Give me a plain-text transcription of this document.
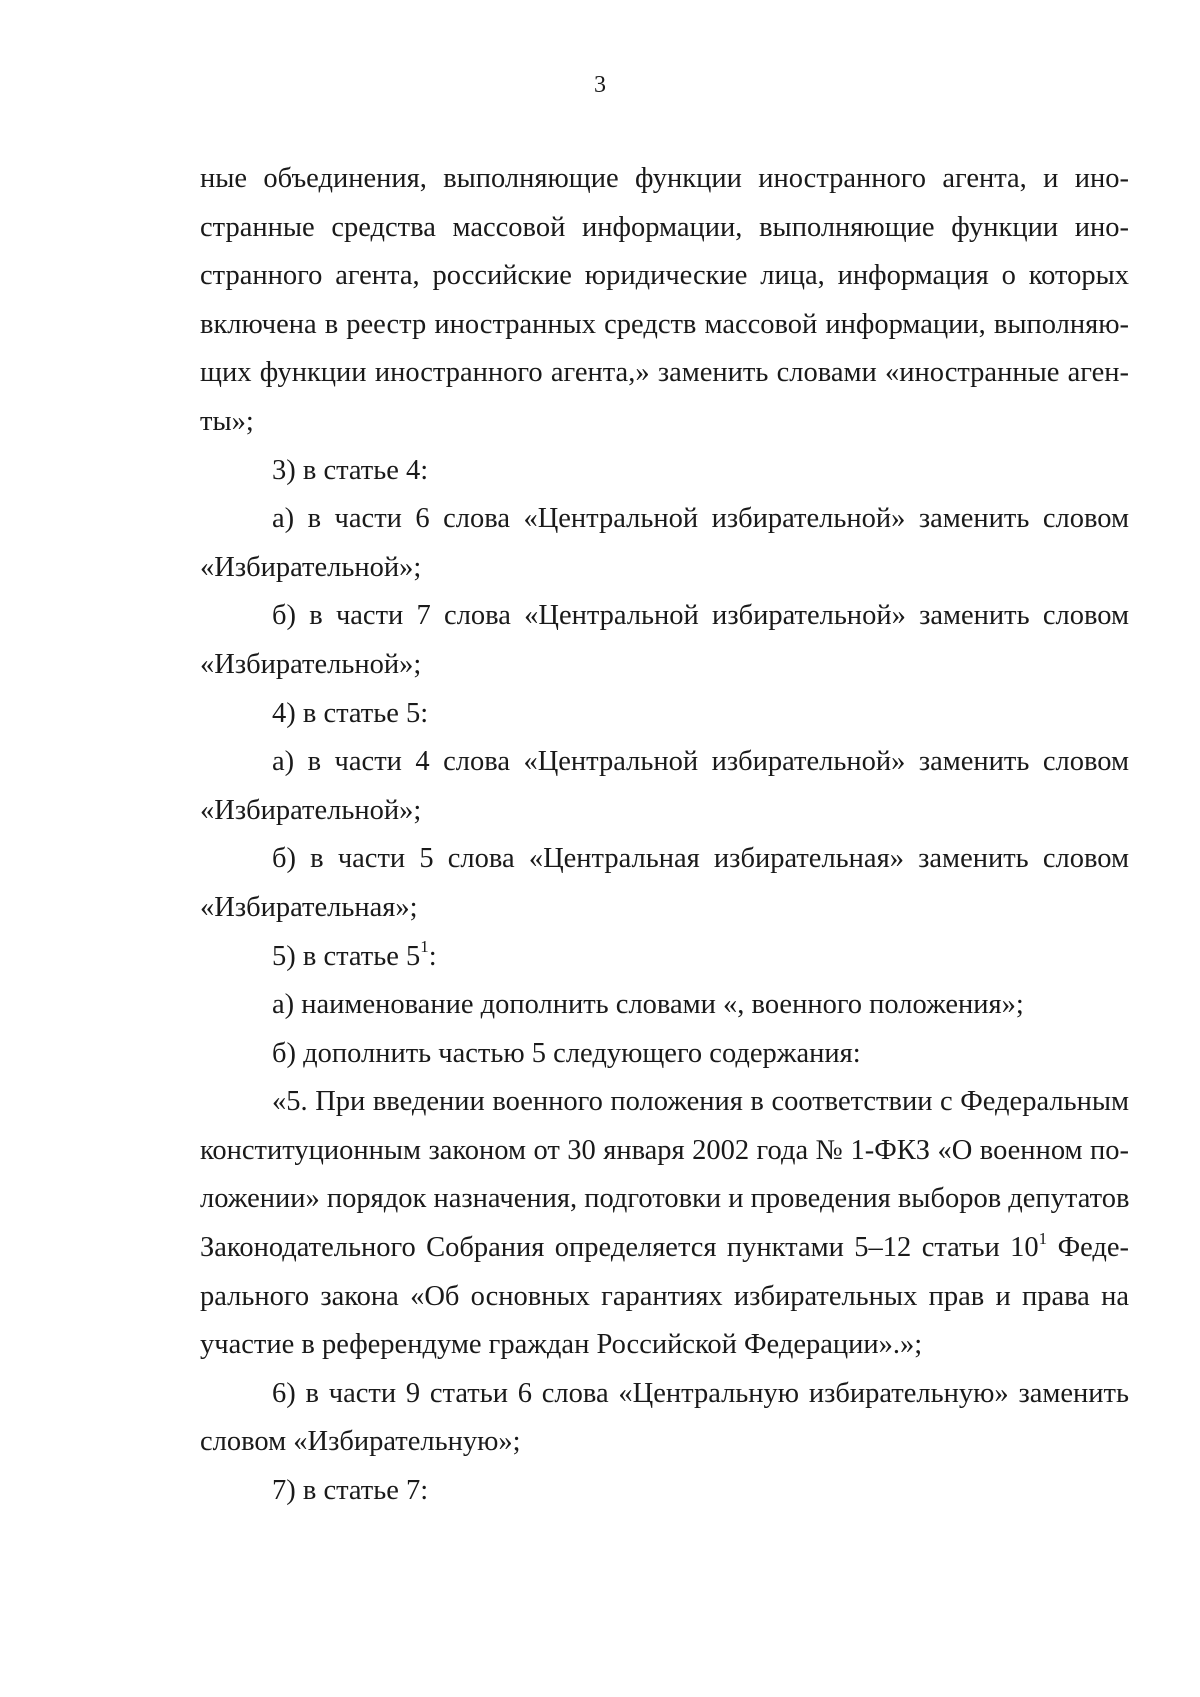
3
ные объединения, выполняющие функции иностранного агента, и ино-
странные средства массовой информации, выполняющие функции ино-
странного агента, российские юридические лица, информация о которых
включена в реестр иностранных средств массовой информации, выполняю-
щих функции иностранного агента,» заменить словами «иностранные аген-
ты»;
3) в статье 4:
а) в части 6 слова «Центральной избирательной» заменить словом
«Избирательной»;
б) в части 7 слова «Центральной избирательной» заменить словом
«Избирательной»;
4) в статье 5:
а) в части 4 слова «Центральной избирательной» заменить словом
«Избирательной»;
б) в части 5 слова «Центральная избирательная» заменить словом
«Избирательная»;
5) в статье $5^1$:
а) наименование дополнить словами «, военного положения»;
б) дополнить частью 5 следующего содержания:
«5. При введении военного положения в соответствии с Федеральным
конституционным законом от 30 января 2002 года № 1-ФКЗ «О военном по-
ложении» порядок назначения, подготовки и проведения выборов депутатов
Законодательного Собрания определяется пунктами 5–12 статьи $10^1$ Феде-
рального закона «Об основных гарантиях избирательных прав и права на
участие в референдуме граждан Российской Федерации».»;
6) в части 9 статьи 6 слова «Центральную избирательную» заменить
словом «Избирательную»;
7) в статье 7:
